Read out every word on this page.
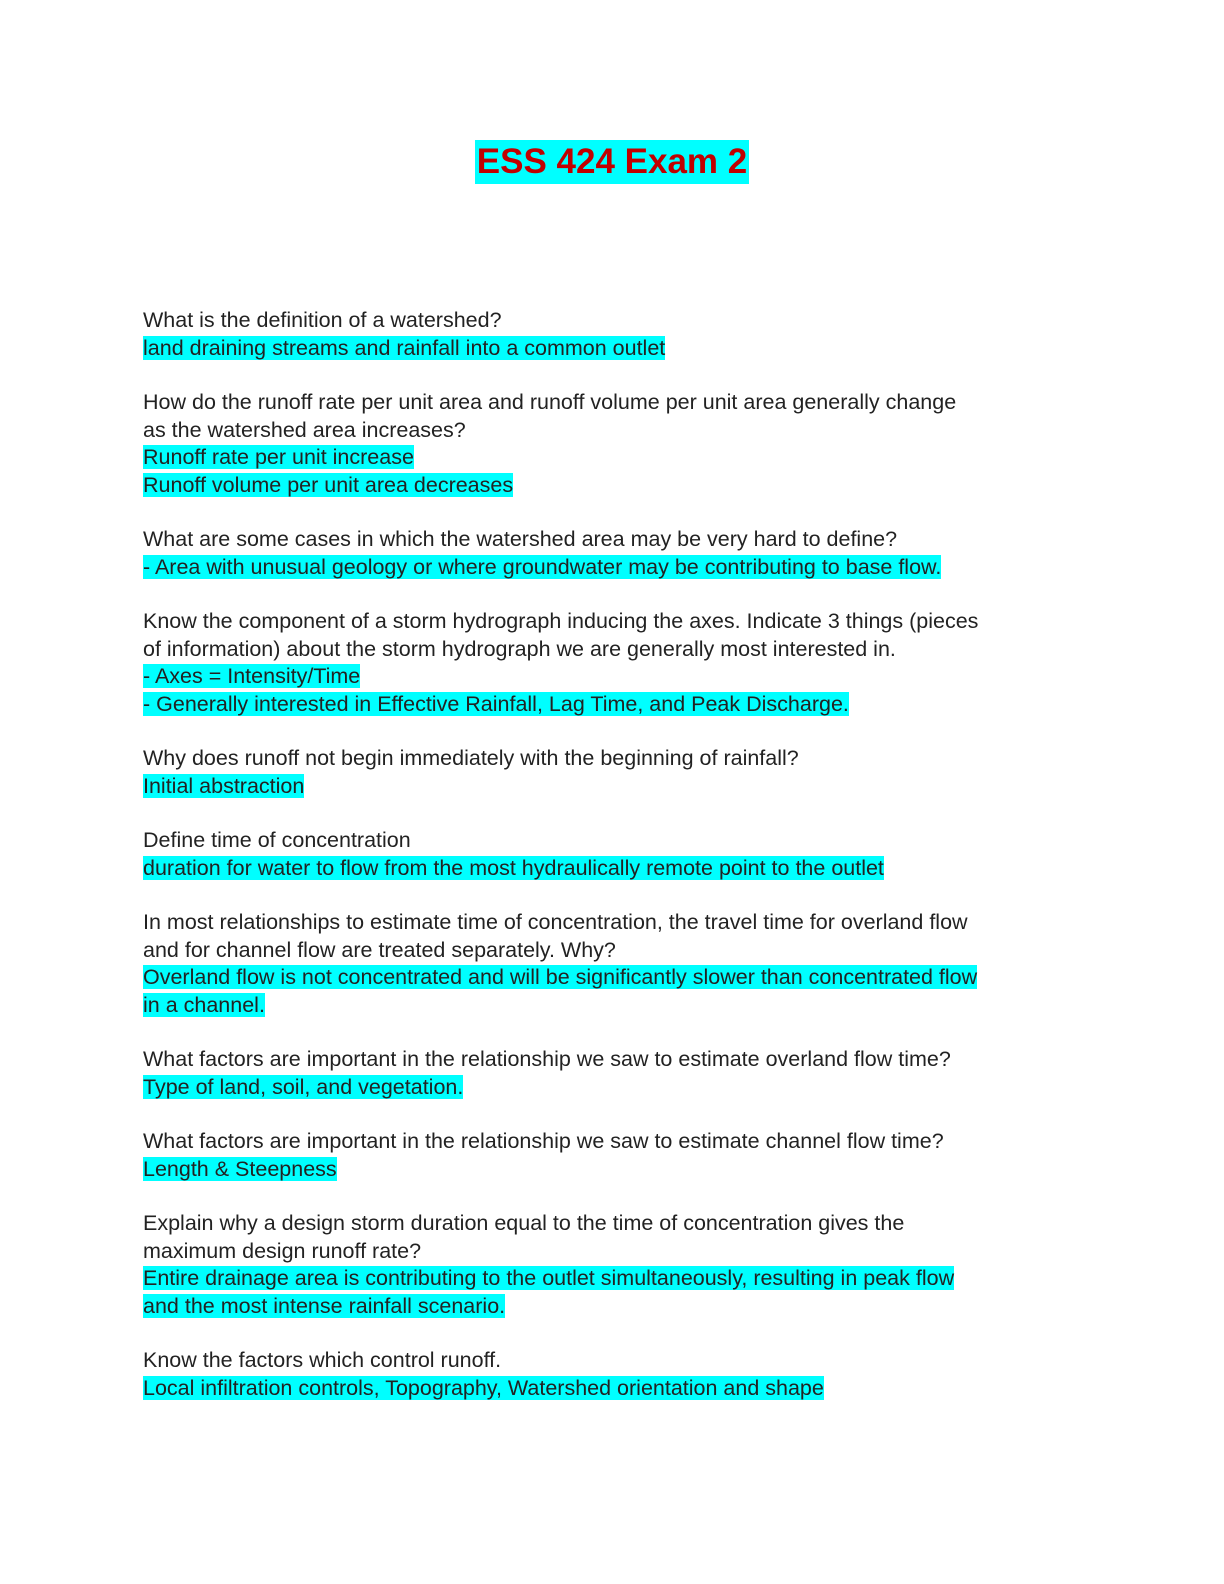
ESS 424 Exam 2
What is the definition of a watershed?
land draining streams and rainfall into a common outlet
How do the runoff rate per unit area and runoff volume per unit area generally change
as the watershed area increases?
Runoff rate per unit increase
Runoff volume per unit area decreases
What are some cases in which the watershed area may be very hard to define?
- Area with unusual geology or where groundwater may be contributing to base flow.
Know the component of a storm hydrograph inducing the axes. Indicate 3 things (pieces
of information) about the storm hydrograph we are generally most interested in.
- Axes = Intensity/Time
- Generally interested in Effective Rainfall, Lag Time, and Peak Discharge.
Why does runoff not begin immediately with the beginning of rainfall?
Initial abstraction
Define time of concentration
duration for water to flow from the most hydraulically remote point to the outlet
In most relationships to estimate time of concentration, the travel time for overland flow
and for channel flow are treated separately. Why?
Overland flow is not concentrated and will be significantly slower than concentrated flow
in a channel.
What factors are important in the relationship we saw to estimate overland flow time?
Type of land, soil, and vegetation.
What factors are important in the relationship we saw to estimate channel flow time?
Length & Steepness
Explain why a design storm duration equal to the time of concentration gives the
maximum design runoff rate?
Entire drainage area is contributing to the outlet simultaneously, resulting in peak flow
and the most intense rainfall scenario.
Know the factors which control runoff.
Local infiltration controls, Topography, Watershed orientation and shape
